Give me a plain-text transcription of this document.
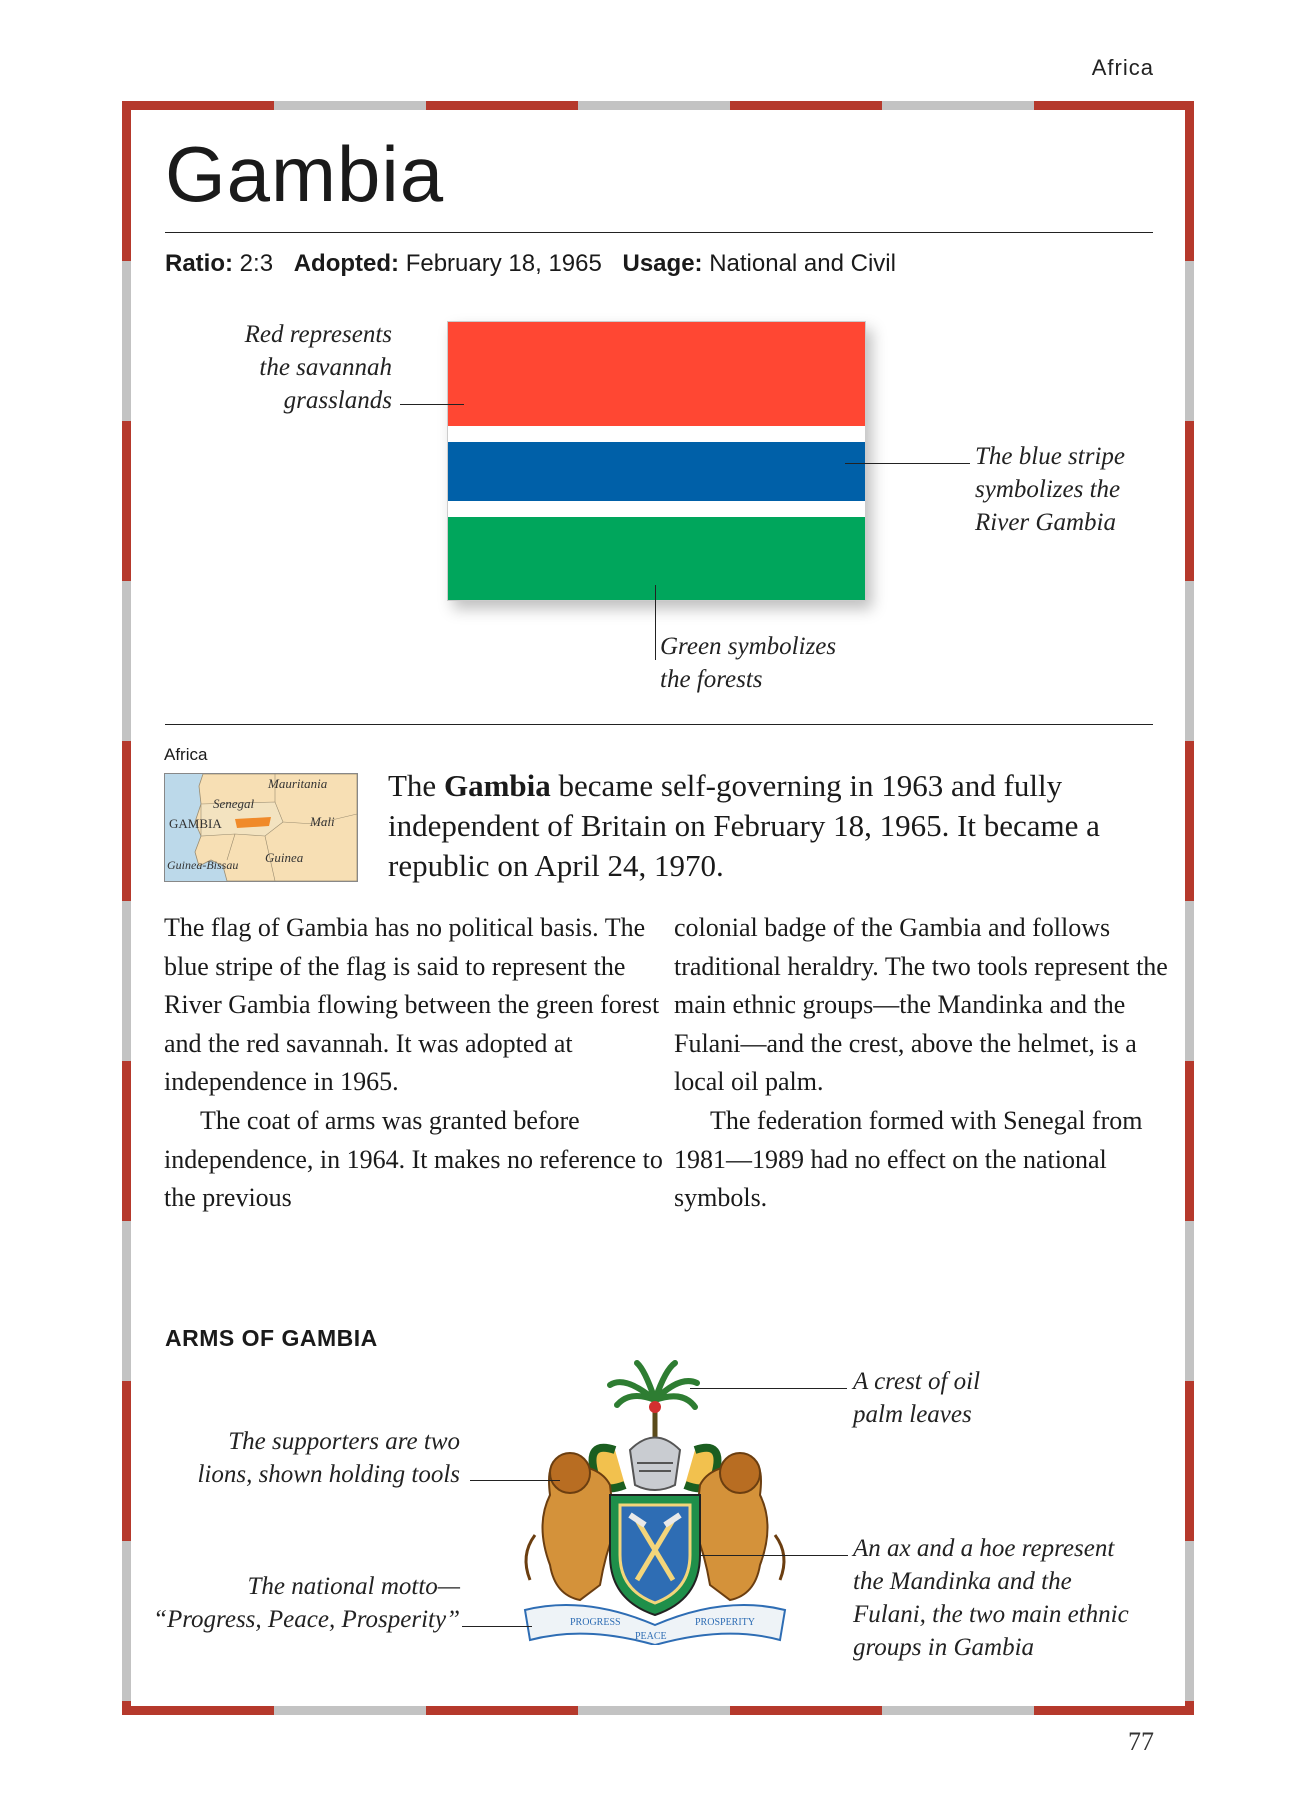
Africa
Gambia
Ratio: 2:3 Adopted: February 18, 1965 Usage: National and Civil
Red represents
the savannah
grasslands
The blue stripe
symbolizes the
River Gambia
Green symbolizes
the forests
Africa
Mauritania
Senegal
GAMBIA	Mali
Guinea
Guinea-Bissau
The Gambia became self-governing in 1963 and fully independent of Britain on February 18, 1965. It became a republic on April 24, 1970.

The flag of Gambia has no political basis. The blue stripe of the flag is said to represent the River Gambia flowing between the green forest and the red savannah. It was adopted at independence in 1965.

The coat of arms was granted before independence, in 1964. It makes no reference to the previous

colonial badge of the Gambia and follows traditional heraldry. The two tools represent the main ethnic groups—the Mandinka and the Fulani—and the crest, above the helmet, is a local oil palm.

The federation formed with Senegal from 1981—1989 had no effect on the national symbols.

ARMS OF GAMBIA
PROGRESS
PEACE
PROSPERITY
A crest of oil
palm leaves
The supporters are two
lions, shown holding tools
The national motto—
“Progress, Peace, Prosperity”
An ax and a hoe represent
the Mandinka and the
Fulani, the two main ethnic
groups in Gambia
77
